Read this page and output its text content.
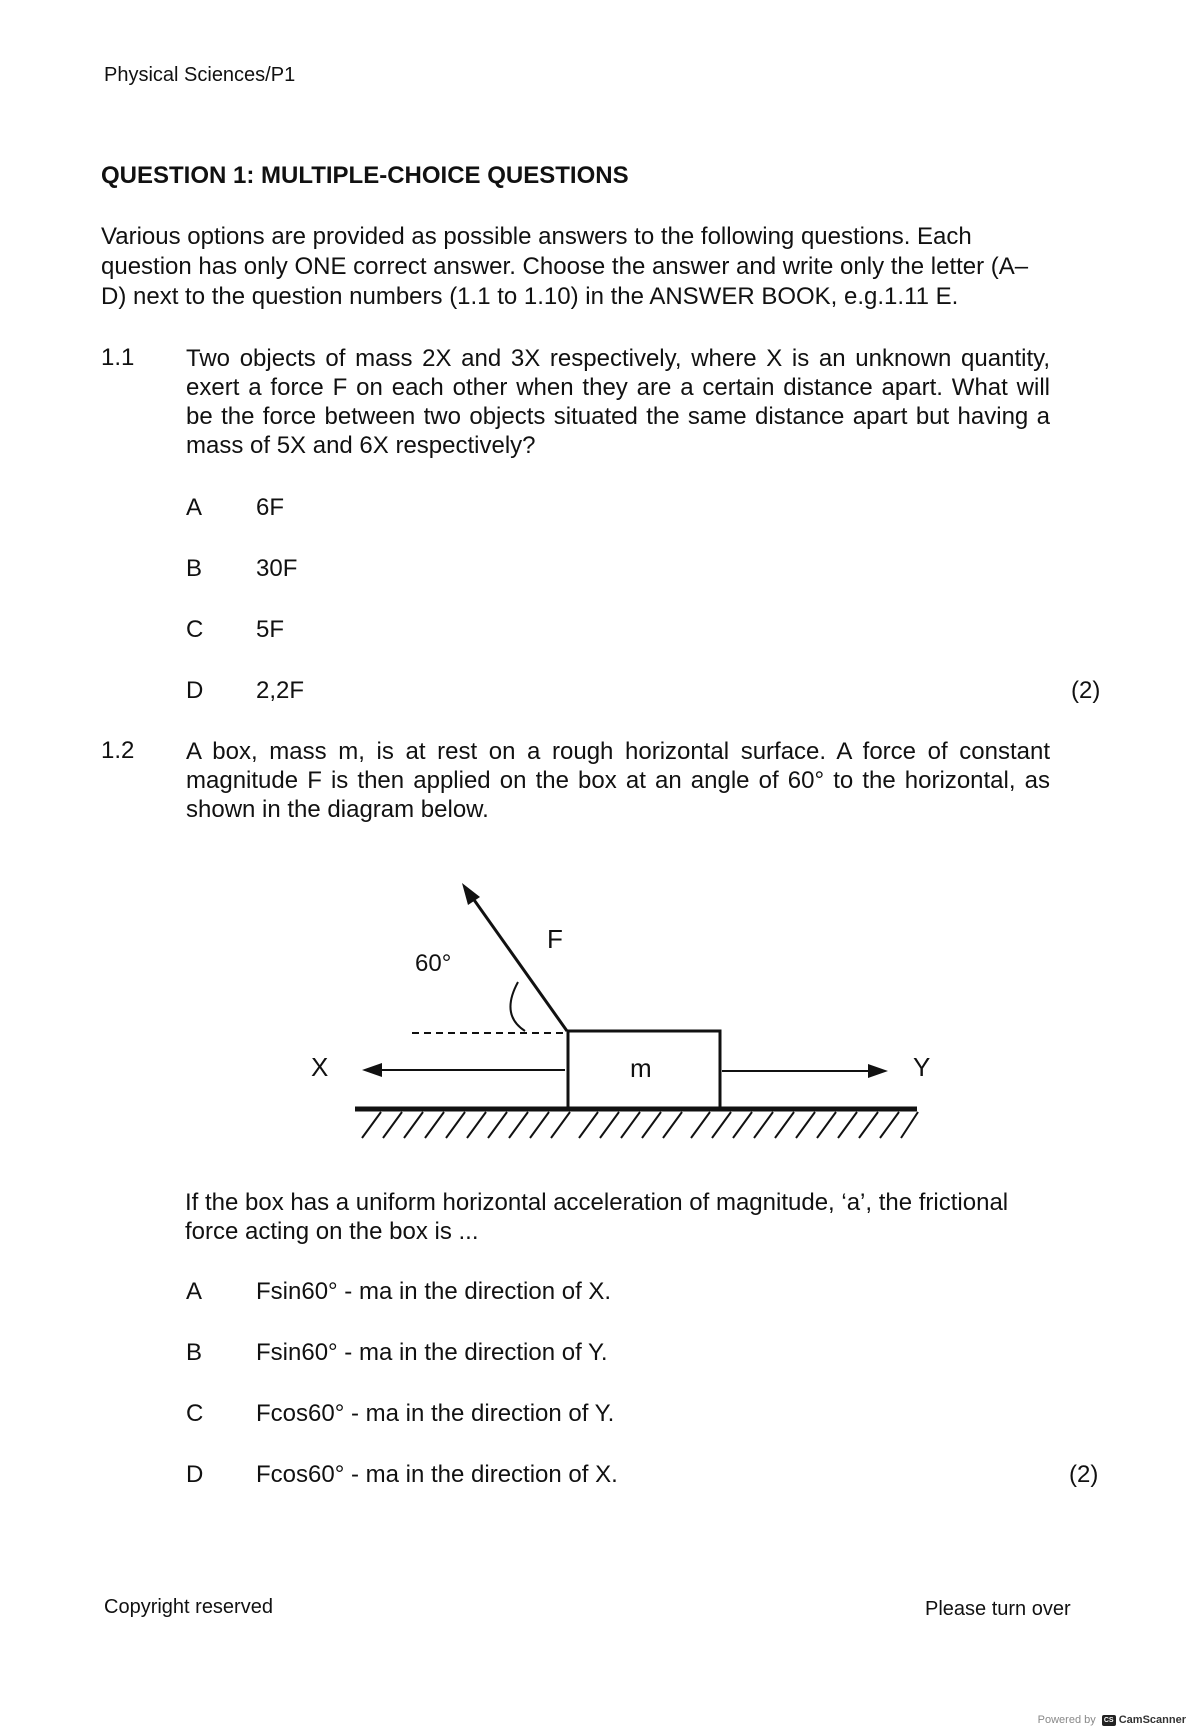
Physical Sciences/P1
QUESTION 1: MULTIPLE-CHOICE QUESTIONS
Various options are provided as possible answers to the following questions. Each question has only ONE correct answer. Choose the answer and write only the letter (A–D) next to the question numbers (1.1 to 1.10) in the ANSWER BOOK, e.g.1.11 E.
1.1 Two objects of mass 2X and 3X respectively, where X is an unknown quantity, exert a force F on each other when they are a certain distance apart. What will be the force between two objects situated the same distance apart but having a mass of 5X and 6X respectively?
A 6F
B 30F
C 5F
D 2,2F	(2)
1.2 A box, mass m, is at rest on a rough horizontal surface. A force of constant magnitude F is then applied on the box at an angle of 60° to the horizontal, as shown in the diagram below.
F
60°
m
X	Y
If the box has a uniform horizontal acceleration of magnitude, ‘a’, the frictional force acting on the box is ...
A Fsin60° - ma in the direction of X.
B Fsin60° - ma in the direction of Y.
C Fcos60° - ma in the direction of Y.
D Fcos60° - ma in the direction of X.	(2)
Copyright reserved	Please turn over
Powered by	CS CamScanner
